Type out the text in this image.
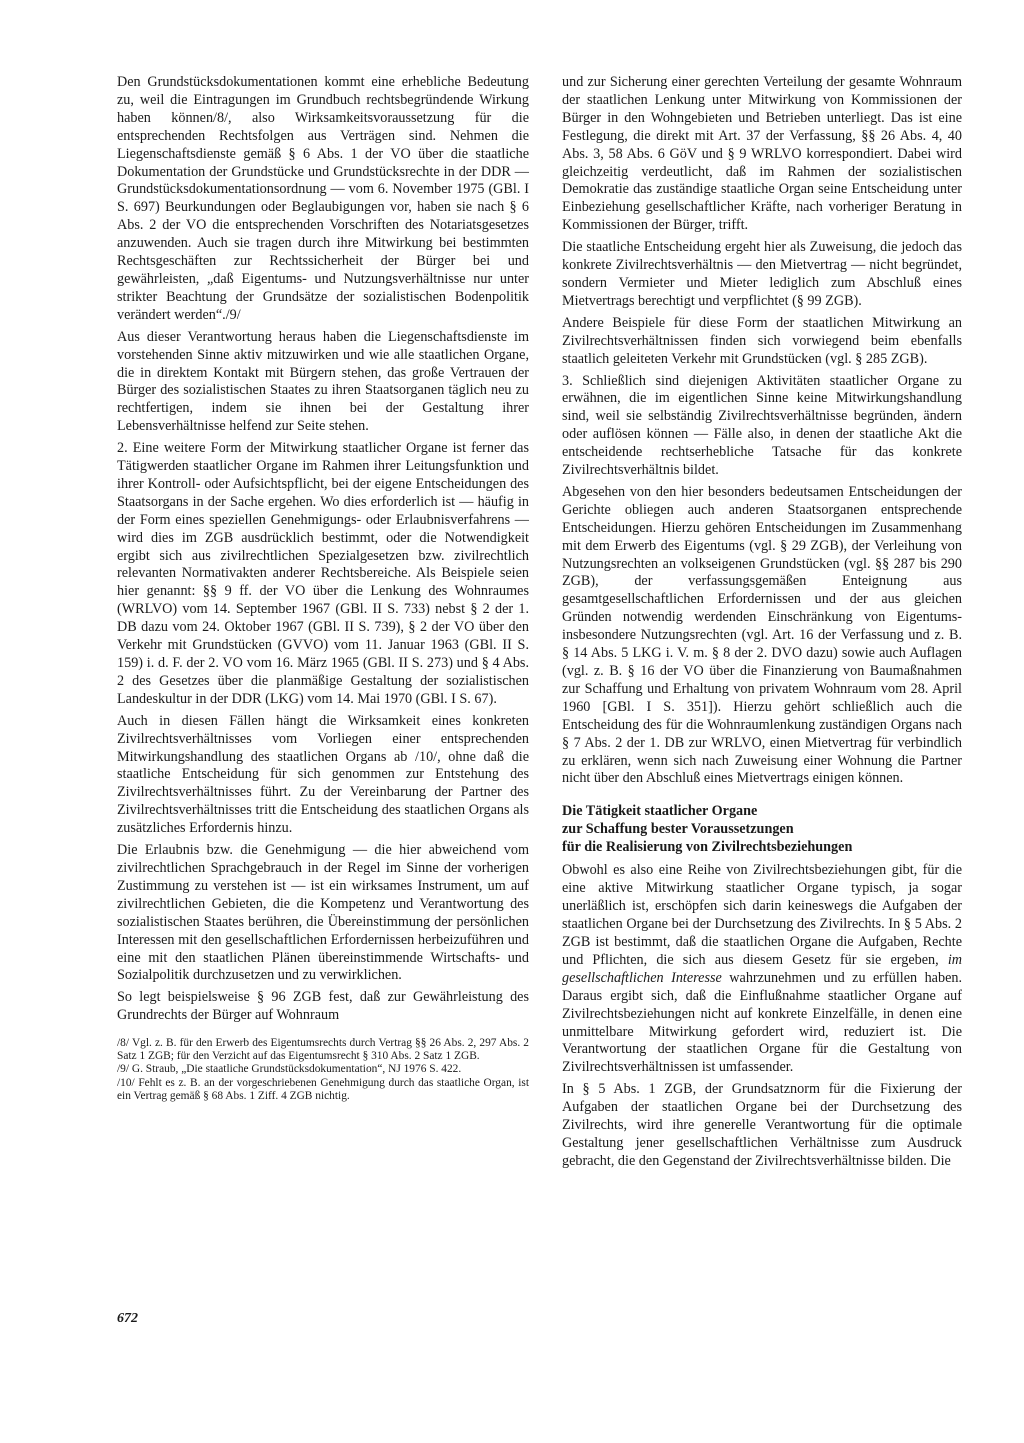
Den Grundstücksdokumentationen kommt eine erhebliche Bedeutung zu, weil die Eintragungen im Grundbuch rechtsbegründende Wirkung haben können/8/, also Wirksamkeitsvoraussetzung für die entsprechenden Rechtsfolgen aus Verträgen sind. Nehmen die Liegenschaftsdienste gemäß § 6 Abs. 1 der VO über die staatliche Dokumentation der Grundstücke und Grundstücksrechte in der DDR — Grundstücksdokumentationsordnung — vom 6. November 1975 (GBl. I S. 697) Beurkundungen oder Beglaubigungen vor, haben sie nach § 6 Abs. 2 der VO die entsprechenden Vorschriften des Notariatsgesetzes anzuwenden. Auch sie tragen durch ihre Mitwirkung bei bestimmten Rechtsgeschäften zur Rechtssicherheit der Bürger bei und gewährleisten, „daß Eigentums- und Nutzungsverhältnisse nur unter strikter Beachtung der Grundsätze der sozialistischen Bodenpolitik verändert werden“./9/

Aus dieser Verantwortung heraus haben die Liegenschaftsdienste im vorstehenden Sinne aktiv mitzuwirken und wie alle staatlichen Organe, die in direktem Kontakt mit Bürgern stehen, das große Vertrauen der Bürger des sozialistischen Staates zu ihren Staatsorganen täglich neu zu rechtfertigen, indem sie ihnen bei der Gestaltung ihrer Lebensverhältnisse helfend zur Seite stehen.

2. Eine weitere Form der Mitwirkung staatlicher Organe ist ferner das Tätigwerden staatlicher Organe im Rahmen ihrer Leitungsfunktion und ihrer Kontroll- oder Aufsichtspflicht, bei der eigene Entscheidungen des Staatsorgans in der Sache ergehen. Wo dies erforderlich ist — häufig in der Form eines speziellen Genehmigungs- oder Erlaubnisverfahrens — wird dies im ZGB ausdrücklich bestimmt, oder die Notwendigkeit ergibt sich aus zivilrechtlichen Spezialgesetzen bzw. zivilrechtlich relevanten Normativakten anderer Rechtsbereiche. Als Beispiele seien hier genannt: §§ 9 ff. der VO über die Lenkung des Wohnraumes (WRLVO) vom 14. September 1967 (GBl. II S. 733) nebst § 2 der 1. DB dazu vom 24. Oktober 1967 (GBl. II S. 739), § 2 der VO über den Verkehr mit Grundstücken (GVVO) vom 11. Januar 1963 (GBl. II S. 159) i. d. F. der 2. VO vom 16. März 1965 (GBl. II S. 273) und § 4 Abs. 2 des Gesetzes über die planmäßige Gestaltung der sozialistischen Landeskultur in der DDR (LKG) vom 14. Mai 1970 (GBl. I S. 67).

Auch in diesen Fällen hängt die Wirksamkeit eines konkreten Zivilrechtsverhältnisses vom Vorliegen einer entsprechenden Mitwirkungshandlung des staatlichen Organs ab /10/, ohne daß die staatliche Entscheidung für sich genommen zur Entstehung des Zivilrechtsverhältnisses führt. Zu der Vereinbarung der Partner des Zivilrechtsverhältnisses tritt die Entscheidung des staatlichen Organs als zusätzliches Erfordernis hinzu.

Die Erlaubnis bzw. die Genehmigung — die hier abweichend vom zivilrechtlichen Sprachgebrauch in der Regel im Sinne der vorherigen Zustimmung zu verstehen ist — ist ein wirksames Instrument, um auf zivilrechtlichen Gebieten, die die Kompetenz und Verantwortung des sozialistischen Staates berühren, die Übereinstimmung der persönlichen Interessen mit den gesellschaftlichen Erfordernissen herbeizuführen und eine mit den staatlichen Plänen übereinstimmende Wirtschafts- und Sozialpolitik durchzusetzen und zu verwirklichen.

So legt beispielsweise § 96 ZGB fest, daß zur Gewährleistung des Grundrechts der Bürger auf Wohnraum

/8/ Vgl. z. B. für den Erwerb des Eigentumsrechts durch Vertrag §§ 26 Abs. 2, 297 Abs. 2 Satz 1 ZGB; für den Verzicht auf das Eigentumsrecht § 310 Abs. 2 Satz 1 ZGB.

/9/ G. Straub, „Die staatliche Grundstücksdokumentation“, NJ 1976 S. 422.

/10/ Fehlt es z. B. an der vorgeschriebenen Genehmigung durch das staatliche Organ, ist ein Vertrag gemäß § 68 Abs. 1 Ziff. 4 ZGB nichtig.

und zur Sicherung einer gerechten Verteilung der gesamte Wohnraum der staatlichen Lenkung unter Mitwirkung von Kommissionen der Bürger in den Wohngebieten und Betrieben unterliegt. Das ist eine Festlegung, die direkt mit Art. 37 der Verfassung, §§ 26 Abs. 4, 40 Abs. 3, 58 Abs. 6 GöV und § 9 WRLVO korrespondiert. Dabei wird gleichzeitig verdeutlicht, daß im Rahmen der sozialistischen Demokratie das zuständige staatliche Organ seine Entscheidung unter Einbeziehung gesellschaftlicher Kräfte, nach vorheriger Beratung in Kommissionen der Bürger, trifft.

Die staatliche Entscheidung ergeht hier als Zuweisung, die jedoch das konkrete Zivilrechtsverhältnis — den Mietvertrag — nicht begründet, sondern Vermieter und Mieter lediglich zum Abschluß eines Mietvertrags berechtigt und verpflichtet (§ 99 ZGB).

Andere Beispiele für diese Form der staatlichen Mitwirkung an Zivilrechtsverhältnissen finden sich vorwiegend beim ebenfalls staatlich geleiteten Verkehr mit Grundstücken (vgl. § 285 ZGB).

3. Schließlich sind diejenigen Aktivitäten staatlicher Organe zu erwähnen, die im eigentlichen Sinne keine Mitwirkungshandlung sind, weil sie selbständig Zivilrechtsverhältnisse begründen, ändern oder auflösen können — Fälle also, in denen der staatliche Akt die entscheidende rechtserhebliche Tatsache für das konkrete Zivilrechtsverhältnis bildet.

Abgesehen von den hier besonders bedeutsamen Entscheidungen der Gerichte obliegen auch anderen Staatsorganen entsprechende Entscheidungen. Hierzu gehören Entscheidungen im Zusammenhang mit dem Erwerb des Eigentums (vgl. § 29 ZGB), der Verleihung von Nutzungsrechten an volkseigenen Grundstücken (vgl. §§ 287 bis 290 ZGB), der verfassungsgemäßen Enteignung aus gesamtgesellschaftlichen Erfordernissen und der aus gleichen Gründen notwendig werdenden Einschränkung von Eigentums- insbesondere Nutzungsrechten (vgl. Art. 16 der Verfassung und z. B. § 14 Abs. 5 LKG i. V. m. § 8 der 2. DVO dazu) sowie auch Auflagen (vgl. z. B. § 16 der VO über die Finanzierung von Baumaßnahmen zur Schaffung und Erhaltung von privatem Wohnraum vom 28. April 1960 [GBl. I S. 351]). Hierzu gehört schließlich auch die Entscheidung des für die Wohnraumlenkung zuständigen Organs nach § 7 Abs. 2 der 1. DB zur WRLVO, einen Mietvertrag für verbindlich zu erklären, wenn sich nach Zuweisung einer Wohnung die Partner nicht über den Abschluß eines Mietvertrags einigen können.

Die Tätigkeit staatlicher Organe
zur Schaffung bester Voraussetzungen
für die Realisierung von Zivilrechtsbeziehungen

Obwohl es also eine Reihe von Zivilrechtsbeziehungen gibt, für die eine aktive Mitwirkung staatlicher Organe typisch, ja sogar unerläßlich ist, erschöpfen sich darin keineswegs die Aufgaben der staatlichen Organe bei der Durchsetzung des Zivilrechts. In § 5 Abs. 2 ZGB ist bestimmt, daß die staatlichen Organe die Aufgaben, Rechte und Pflichten, die sich aus diesem Gesetz für sie ergeben, im gesellschaftlichen Interesse wahrzunehmen und zu erfüllen haben. Daraus ergibt sich, daß die Einflußnahme staatlicher Organe auf Zivilrechtsbeziehungen nicht auf konkrete Einzelfälle, in denen eine unmittelbare Mitwirkung gefordert wird, reduziert ist. Die Verantwortung der staatlichen Organe für die Gestaltung von Zivilrechtsverhältnissen ist umfassender.

In § 5 Abs. 1 ZGB, der Grundsatznorm für die Fixierung der Aufgaben der staatlichen Organe bei der Durchsetzung des Zivilrechts, wird ihre generelle Verantwortung für die optimale Gestaltung jener gesellschaftlichen Verhältnisse zum Ausdruck gebracht, die den Gegenstand der Zivilrechtsverhältnisse bilden. Die

672
